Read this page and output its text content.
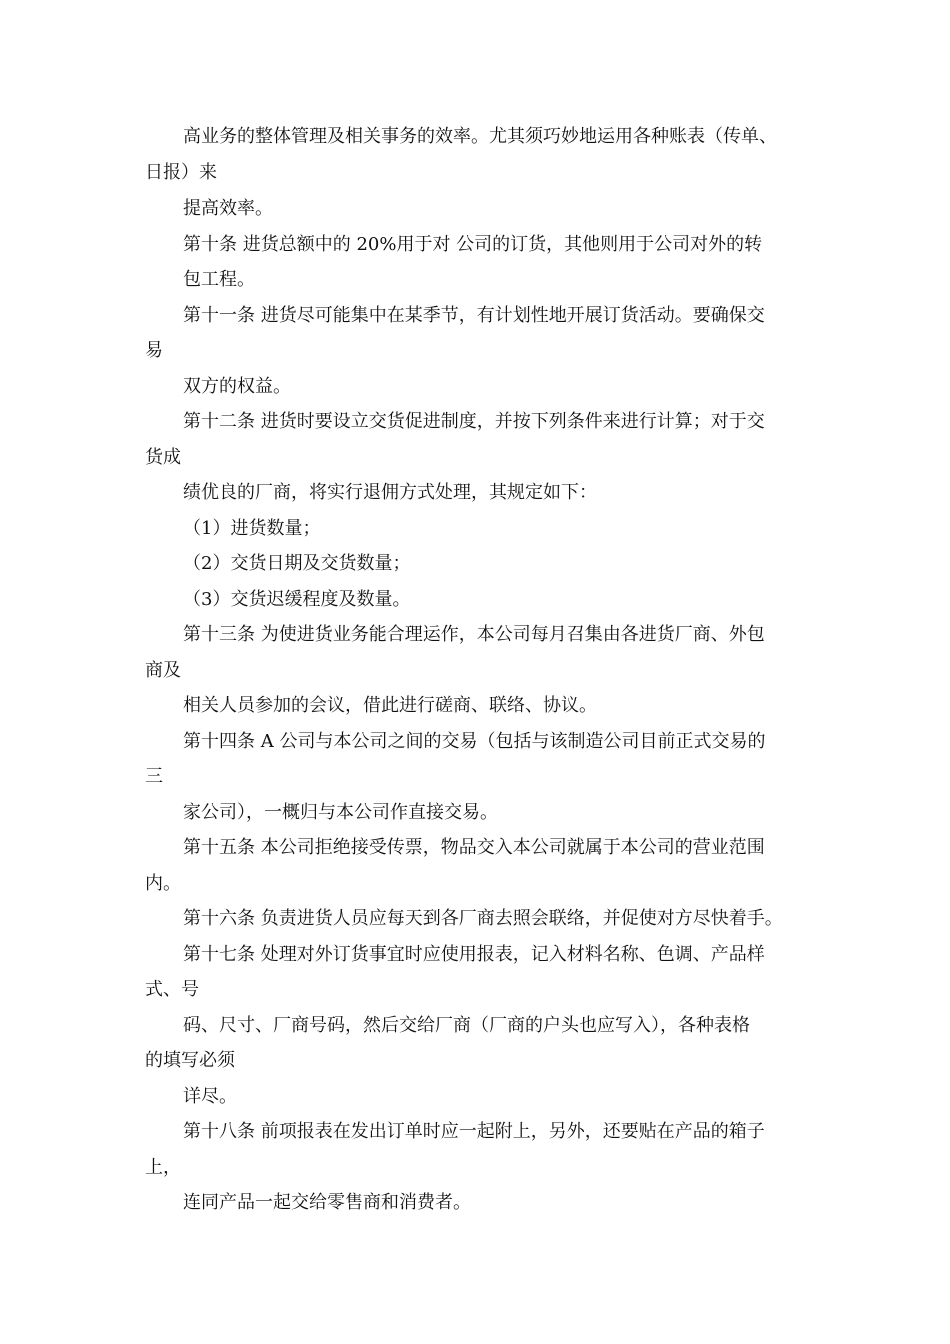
高业务的整体管理及相关事务的效率。尤其须巧妙地运用各种账表（传单、
日报）来
提高效率。
第十条 进货总额中的 20%用于对 公司的订货，其他则用于公司对外的转
包工程。
第十一条 进货尽可能集中在某季节，有计划性地开展订货活动。要确保交
易
双方的权益。
第十二条 进货时要设立交货促进制度，并按下列条件来进行计算；对于交
货成
绩优良的厂商，将实行退佣方式处理，其规定如下：
（1）进货数量；
（2）交货日期及交货数量；
（3）交货迟缓程度及数量。
第十三条 为使进货业务能合理运作，本公司每月召集由各进货厂商、外包
商及
相关人员参加的会议，借此进行磋商、联络、协议。
第十四条 A 公司与本公司之间的交易（包括与该制造公司目前正式交易的
三
家公司），一概归与本公司作直接交易。
第十五条 本公司拒绝接受传票，物品交入本公司就属于本公司的营业范围
内。
第十六条 负责进货人员应每天到各厂商去照会联络，并促使对方尽快着手。
第十七条 处理对外订货事宜时应使用报表，记入材料名称、色调、产品样
式、号
码、尺寸、厂商号码，然后交给厂商（厂商的户头也应写入），各种表格
的填写必须
详尽。
第十八条 前项报表在发出订单时应一起附上，另外，还要贴在产品的箱子
上，
连同产品一起交给零售商和消费者。
